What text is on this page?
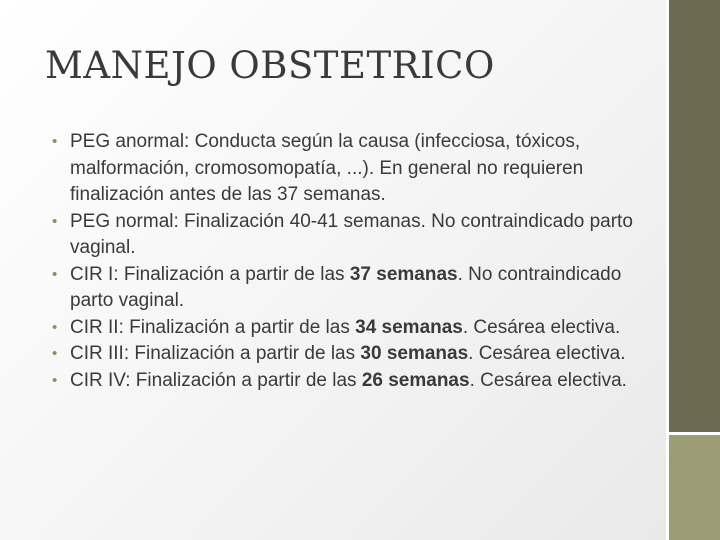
MANEJO OBSTETRICO
• PEG anormal: Conducta según la causa (infecciosa, tóxicos, malformación, cromosomopatía, ...). En general no requieren finalización antes de las 37 semanas.
• PEG normal: Finalización 40-41 semanas. No contraindicado parto vaginal.
• CIR I: Finalización a partir de las 37 semanas. No contraindicado parto vaginal.
• CIR II: Finalización a partir de las 34 semanas. Cesárea electiva.
• CIR III: Finalización a partir de las 30 semanas. Cesárea electiva.
• CIR IV: Finalización a partir de las 26 semanas. Cesárea electiva.
